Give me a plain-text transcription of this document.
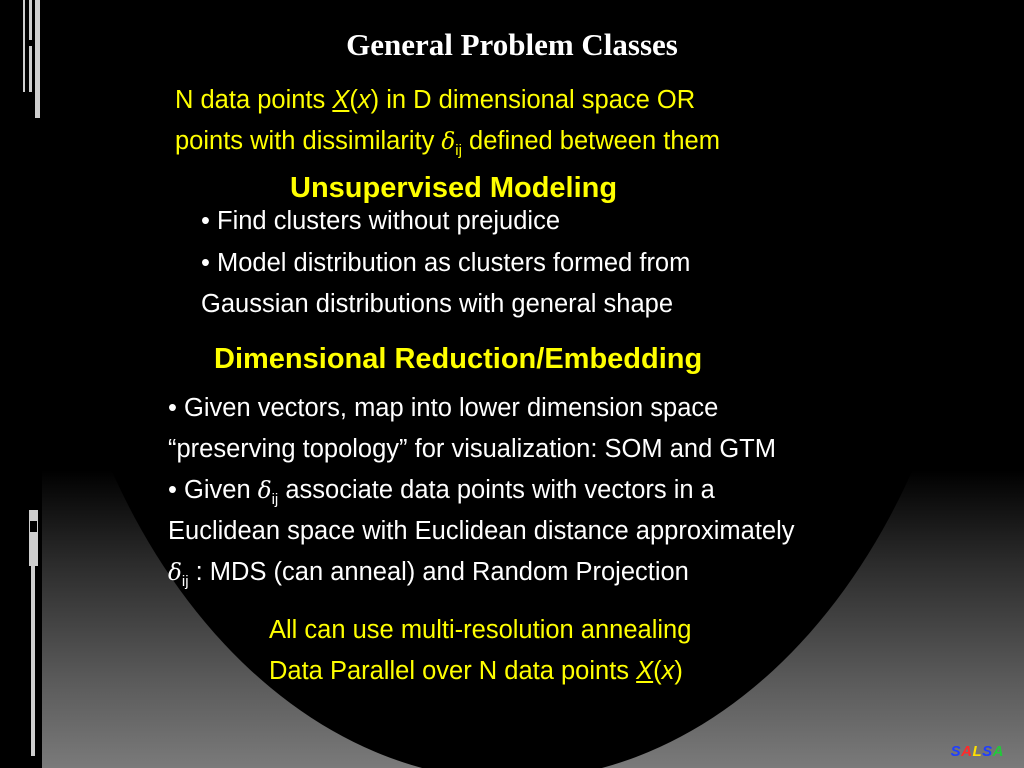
General Problem Classes
N data points X(x) in D dimensional space OR
points with dissimilarity $\delta_{ij}$ defined between them
Unsupervised Modeling
• Find clusters without prejudice
• Model distribution as clusters formed from
Gaussian distributions with general shape
Dimensional Reduction/Embedding
• Given vectors, map into lower dimension space
“preserving topology” for visualization: SOM and GTM
• Given $\delta_{ij}$ associate data points with vectors in a
Euclidean space with Euclidean distance approximately
$\delta_{ij}$ : MDS (can anneal) and Random Projection
All can use multi-resolution annealing
Data Parallel over N data points X(x)
SALSA
